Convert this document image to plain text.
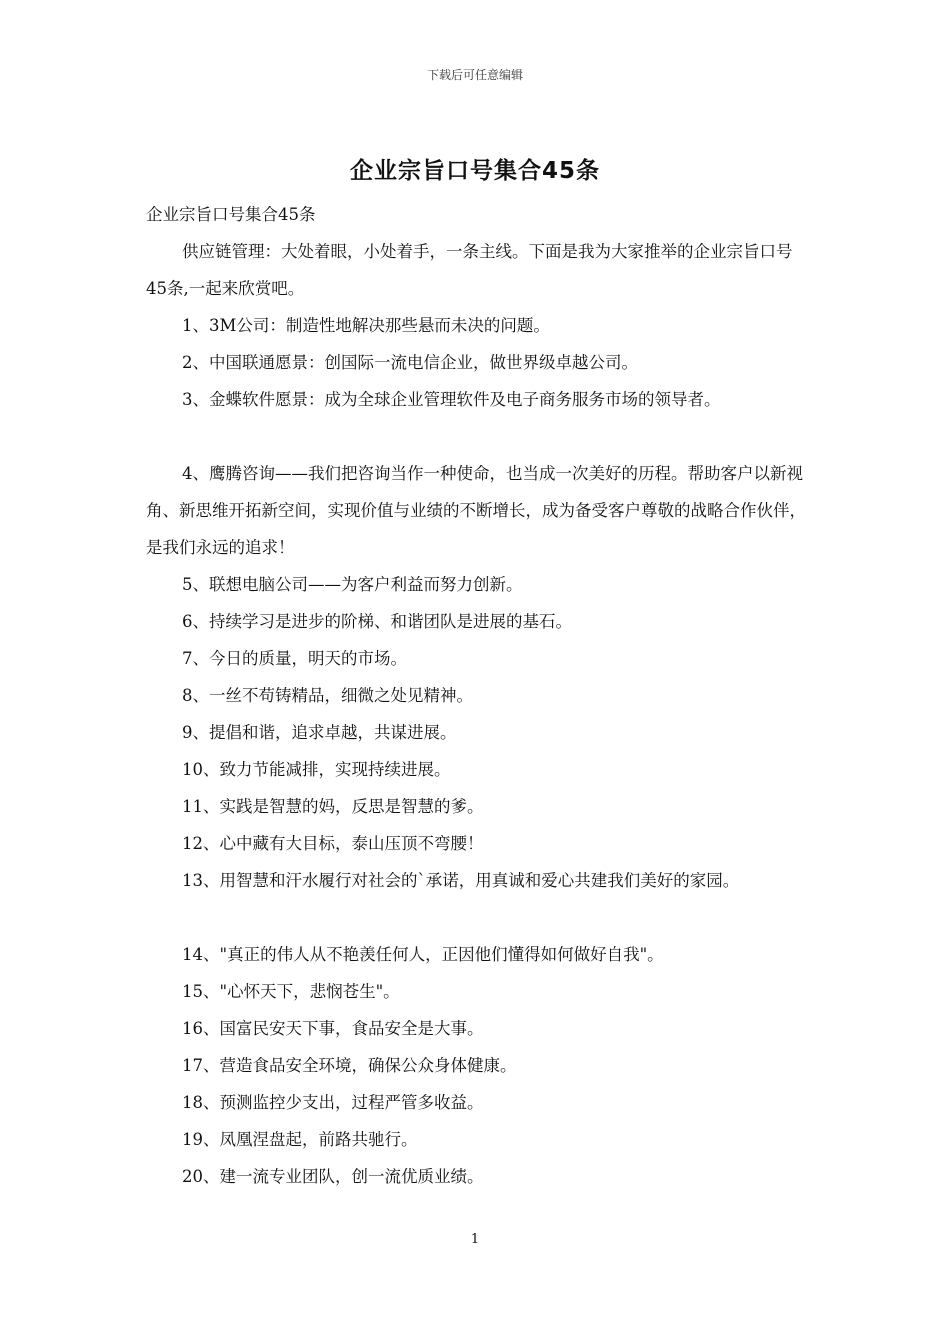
下载后可任意编辑
企业宗旨口号集合45条

企业宗旨口号集合45条

供应链管理：大处着眼，小处着手，一条主线。下面是我为大家推举的企业宗旨口号45条,一起来欣赏吧。

1、3M公司：制造性地解决那些悬而未决的问题。

2、中国联通愿景：创国际一流电信企业，做世界级卓越公司。

3、金蝶软件愿景：成为全球企业管理软件及电子商务服务市场的领导者。

4、鹰腾咨询——我们把咨询当作一种使命，也当成一次美好的历程。帮助客户以新视角、新思维开拓新空间，实现价值与业绩的不断增长，成为备受客户尊敬的战略合作伙伴，是我们永远的追求！

5、联想电脑公司——为客户利益而努力创新。

6、持续学习是进步的阶梯、和谐团队是进展的基石。

7、今日的质量，明天的市场。

8、一丝不苟铸精品，细微之处见精神。

9、提倡和谐，追求卓越，共谋进展。

10、致力节能减排，实现持续进展。

11、实践是智慧的妈，反思是智慧的爹。

12、心中藏有大目标，泰山压顶不弯腰！

13、用智慧和汗水履行对社会的`承诺，用真诚和爱心共建我们美好的家园。

14、"真正的伟人从不艳羡任何人，正因他们懂得如何做好自我"。

15、"心怀天下，悲悯苍生"。

16、国富民安天下事，食品安全是大事。

17、营造食品安全环境，确保公众身体健康。

18、预测监控少支出，过程严管多收益。

19、凤凰涅盘起，前路共驰行。

20、建一流专业团队，创一流优质业绩。

1
